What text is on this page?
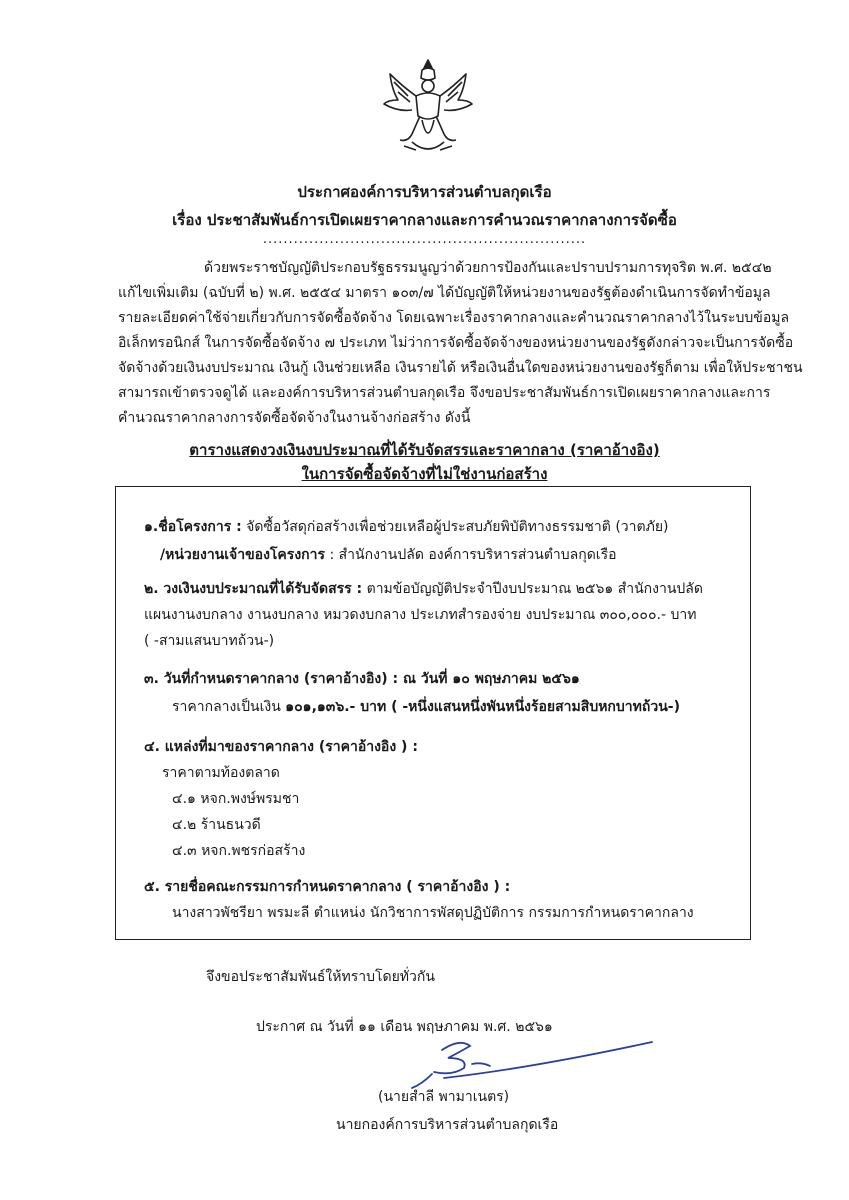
ประกาศองค์การบริหารส่วนตำบลกุดเรือ
เรื่อง ประชาสัมพันธ์การเปิดเผยราคากลางและการคำนวณราคากลางการจัดซื้อ
...............................................................

ด้วยพระราชบัญญัติประกอบรัฐธรรมนูญว่าด้วยการป้องกันและปราบปรามการทุจริต พ.ศ. ๒๕๔๒

แก้ไขเพิ่มเติม (ฉบับที่ ๒) พ.ศ. ๒๕๕๔ มาตรา ๑๐๓/๗ ได้บัญญัติให้หน่วยงานของรัฐต้องดำเนินการจัดทำข้อมูล

รายละเอียดค่าใช้จ่ายเกี่ยวกับการจัดซื้อจัดจ้าง โดยเฉพาะเรื่องราคากลางและคำนวณราคากลางไว้ในระบบข้อมูล

อิเล็กทรอนิกส์ ในการจัดซื้อจัดจ้าง ๗ ประเภท ไม่ว่าการจัดซื้อจัดจ้างของหน่วยงานของรัฐดังกล่าวจะเป็นการจัดซื้อ

จัดจ้างด้วยเงินงบประมาณ เงินกู้ เงินช่วยเหลือ เงินรายได้ หรือเงินอื่นใดของหน่วยงานของรัฐก็ตาม เพื่อให้ประชาชน

สามารถเข้าตรวจดูได้ และองค์การบริหารส่วนตำบลกุดเรือ จึงขอประชาสัมพันธ์การเปิดเผยราคากลางและการ

คำนวณราคากลางการจัดซื้อจัดจ้างในงานจ้างก่อสร้าง ดังนี้

ตารางแสดงวงเงินงบประมาณที่ได้รับจัดสรรและราคากลาง (ราคาอ้างอิง)
ในการจัดซื้อจัดจ้างที่ไม่ใช่งานก่อสร้าง
๑.ชื่อโครงการ : จัดซื้อวัสดุก่อสร้างเพื่อช่วยเหลือผู้ประสบภัยพิบัติทางธรรมชาติ (วาตภัย)
/หน่วยงานเจ้าของโครงการ : สำนักงานปลัด องค์การบริหารส่วนตำบลกุดเรือ
๒. วงเงินงบประมาณที่ได้รับจัดสรร : ตามข้อบัญญัติประจำปีงบประมาณ ๒๕๖๑ สำนักงานปลัด
แผนงานงบกลาง งานงบกลาง หมวดงบกลาง ประเภทสำรองจ่าย งบประมาณ ๓๐๐,๐๐๐.- บาท
( -สามแสนบาทถ้วน-)
๓. วันที่กำหนดราคากลาง (ราคาอ้างอิง) : ณ วันที่ ๑๐ พฤษภาคม ๒๕๖๑
ราคากลางเป็นเงิน ๑๐๑,๑๓๖.- บาท ( -หนึ่งแสนหนึ่งพันหนึ่งร้อยสามสิบหกบาทถ้วน-)
๔. แหล่งที่มาของราคากลาง (ราคาอ้างอิง ) :
ราคาตามท้องตลาด
๔.๑ หจก.พงษ์พรมชา
๔.๒ ร้านธนวดี
๔.๓ หจก.พชรก่อสร้าง
๕. รายชื่อคณะกรรมการกำหนดราคากลาง ( ราคาอ้างอิง ) :
นางสาวพัชรียา พรมะลี ตำแหน่ง นักวิชาการพัสดุปฏิบัติการ กรรมการกำหนดราคากลาง
จึงขอประชาสัมพันธ์ให้ทราบโดยทั่วกัน
ประกาศ ณ วันที่ ๑๑ เดือน พฤษภาคม พ.ศ. ๒๕๖๑
(นายสำลี พามาเนตร)
นายกองค์การบริหารส่วนตำบลกุดเรือ
